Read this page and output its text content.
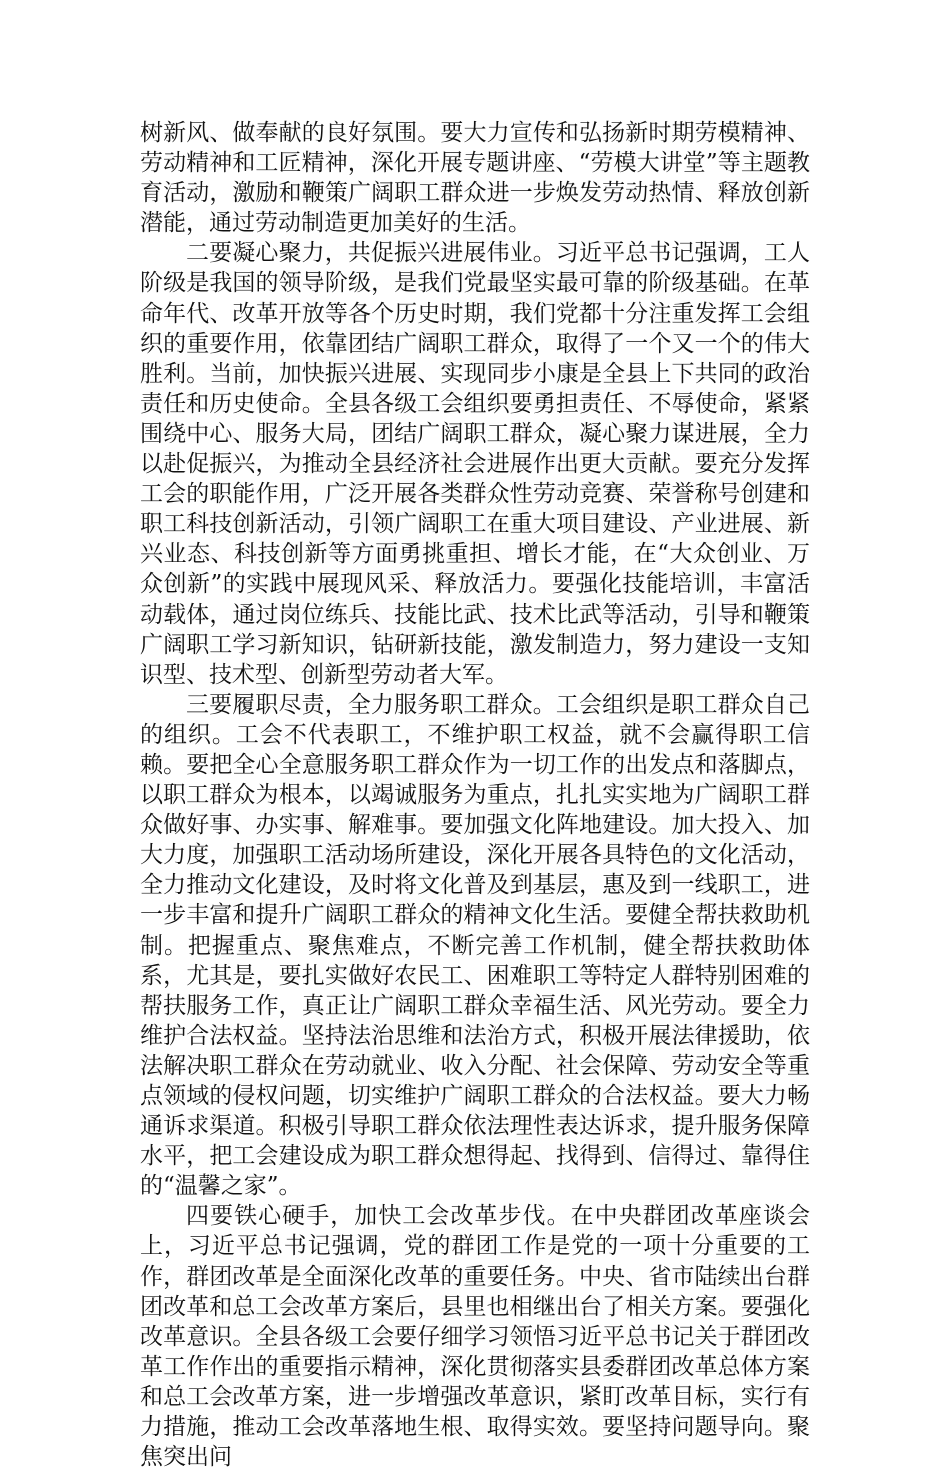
树新风、做奉献的良好氛围。要大力宣传和弘扬新时期劳模精神、劳动精神和工匠精神，深化开展专题讲座、“劳模大讲堂”等主题教育活动，激励和鞭策广阔职工群众进一步焕发劳动热情、释放创新潜能，通过劳动制造更加美好的生活。

二要凝心聚力，共促振兴进展伟业。习近平总书记强调，工人阶级是我国的领导阶级，是我们党最坚实最可靠的阶级基础。在革命年代、改革开放等各个历史时期，我们党都十分注重发挥工会组织的重要作用，依靠团结广阔职工群众，取得了一个又一个的伟大胜利。当前，加快振兴进展、实现同步小康是全县上下共同的政治责任和历史使命。全县各级工会组织要勇担责任、不辱使命，紧紧围绕中心、服务大局，团结广阔职工群众，凝心聚力谋进展，全力以赴促振兴，为推动全县经济社会进展作出更大贡献。要充分发挥工会的职能作用，广泛开展各类群众性劳动竞赛、荣誉称号创建和职工科技创新活动，引领广阔职工在重大项目建设、产业进展、新兴业态、科技创新等方面勇挑重担、增长才能，在“大众创业、万众创新”的实践中展现风采、释放活力。要强化技能培训，丰富活动载体，通过岗位练兵、技能比武、技术比武等活动，引导和鞭策广阔职工学习新知识，钻研新技能，激发制造力，努力建设一支知识型、技术型、创新型劳动者大军。

三要履职尽责，全力服务职工群众。工会组织是职工群众自己的组织。工会不代表职工，不维护职工权益，就不会赢得职工信赖。要把全心全意服务职工群众作为一切工作的出发点和落脚点，以职工群众为根本，以竭诚服务为重点，扎扎实实地为广阔职工群众做好事、办实事、解难事。要加强文化阵地建设。加大投入、加大力度，加强职工活动场所建设，深化开展各具特色的文化活动，全力推动文化建设，及时将文化普及到基层，惠及到一线职工，进一步丰富和提升广阔职工群众的精神文化生活。要健全帮扶救助机制。把握重点、聚焦难点，不断完善工作机制，健全帮扶救助体系，尤其是，要扎实做好农民工、困难职工等特定人群特别困难的帮扶服务工作，真正让广阔职工群众幸福生活、风光劳动。要全力维护合法权益。坚持法治思维和法治方式，积极开展法律援助，依法解决职工群众在劳动就业、收入分配、社会保障、劳动安全等重点领域的侵权问题，切实维护广阔职工群众的合法权益。要大力畅通诉求渠道。积极引导职工群众依法理性表达诉求，提升服务保障水平，把工会建设成为职工群众想得起、找得到、信得过、靠得住的“温馨之家”。

四要铁心硬手，加快工会改革步伐。在中央群团改革座谈会上，习近平总书记强调，党的群团工作是党的一项十分重要的工作，群团改革是全面深化改革的重要任务。中央、省市陆续出台群团改革和总工会改革方案后，县里也相继出台了相关方案。要强化改革意识。全县各级工会要仔细学习领悟习近平总书记关于群团改革工作作出的重要指示精神，深化贯彻落实县委群团改革总体方案和总工会改革方案，进一步增强改革意识，紧盯改革目标，实行有力措施，推动工会改革落地生根、取得实效。要坚持问题导向。聚焦突出问
